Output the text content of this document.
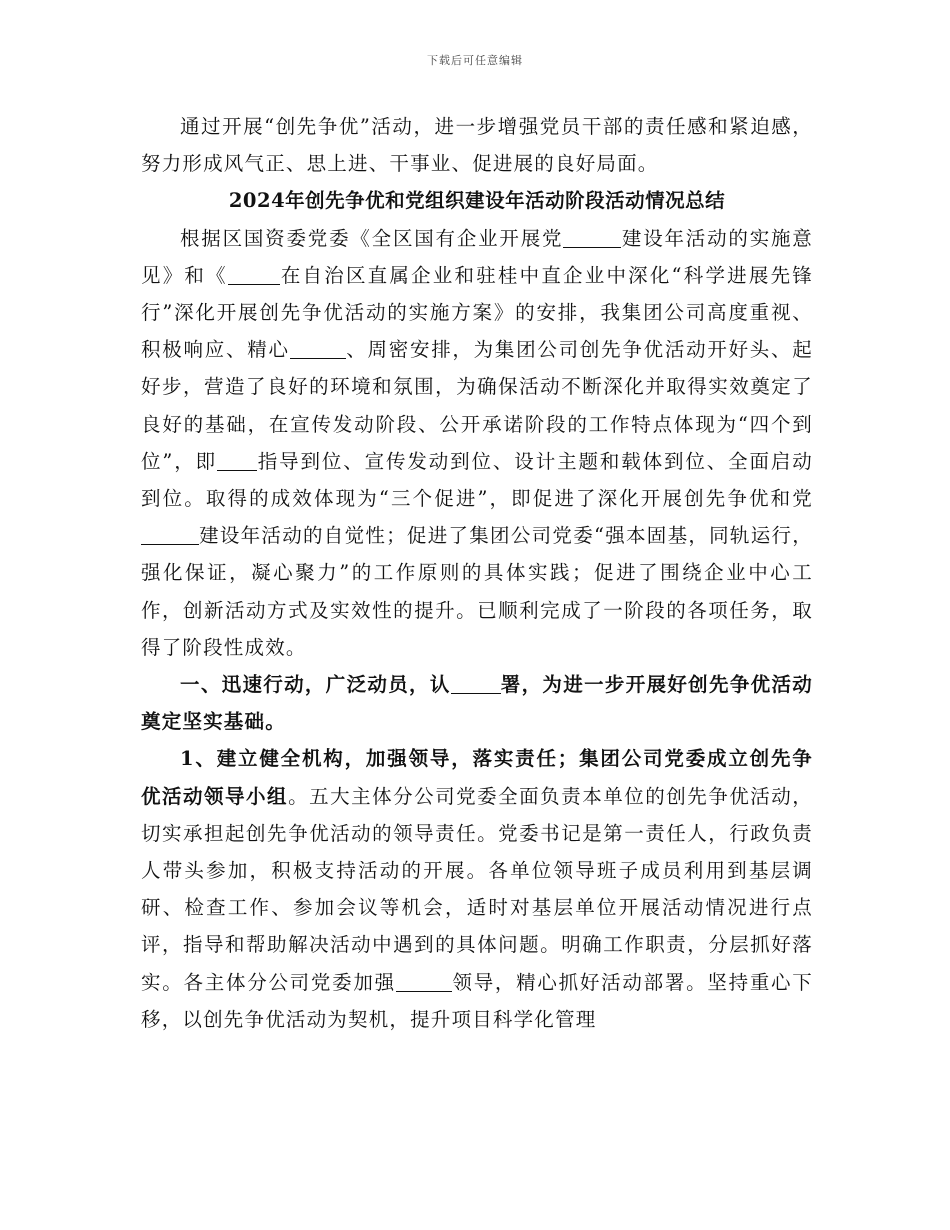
下载后可任意编辑

通过开展“创先争优”活动，进一步增强党员干部的责任感和紧迫感，努力形成风气正、思上进、干事业、促进展的良好局面。

2024年创先争优和党组织建设年活动阶段活动情况总结

根据区国资委党委《全区国有企业开展党	建设年活动的实施意见》和《	在自治区直属企业和驻桂中直企业中深化“科学进展先锋行”深化开展创先争优活动的实施方案》的安排，我集团公司高度重视、积极响应、精心	、周密安排，为集团公司创先争优活动开好头、起好步，营造了良好的环境和氛围，为确保活动不断深化并取得实效奠定了良好的基础，在宣传发动阶段、公开承诺阶段的工作特点体现为“四个到位”，即 指导到位、宣传发动到位、设计主题和载体到位、全面启动到位。取得的成效体现为“三个促进”，即促进了深化开展创先争优和党建设年活动的自觉性；促进了集团公司党委“强本固基，同轨运行，强化保证，凝心聚力”的工作原则的具体实践；促进了围绕企业中心工作，创新活动方式及实效性的提升。已顺利完成了一阶段的各项任务，取得了阶段性成效。

一、迅速行动，广泛动员，认	署，为进一步开展好创先争优活动奠定坚实基础。

1、建立健全机构，加强领导，落实责任；集团公司党委成立创先争优活动领导小组。五大主体分公司党委全面负责本单位的创先争优活动，切实承担起创先争优活动的领导责任。党委书记是第一责任人，行政负责人带头参加，积极支持活动的开展。各单位领导班子成员利用到基层调研、检查工作、参加会议等机会，适时对基层单位开展活动情况进行点评，指导和帮助解决活动中遇到的具体问题。明确工作职责，分层抓好落实。各主体分公司党委加强	领导，精心抓好活动部署。坚持重心下移，以创先争优活动为契机，提升项目科学化管理
